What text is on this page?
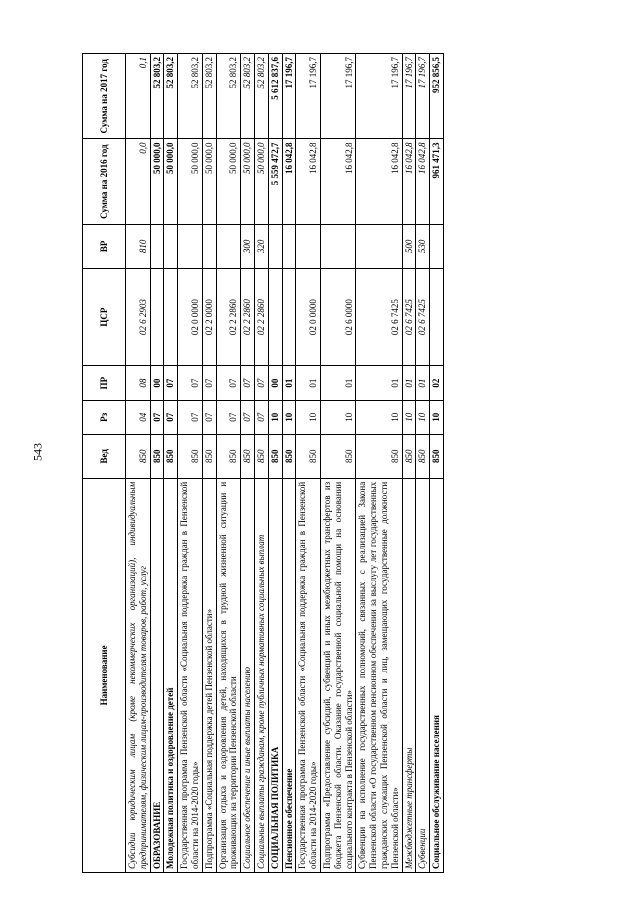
543
Наименование	Вед	Рз	ПР	ЦСР	ВР	Сумма на 2016 год	Сумма на 2017 год
Субсидии юридическим лицам (кроме некоммерческих организаций), индивидуальным предпринимателям, физическим лицам-производителям товаров, работ, услуг	850	04	08	02 6 2903	810	0,0	0,1
ОБРАЗОВАНИЕ	850	07	00			50 000,0	52 803,2
Молодежная политика и оздоровление детей	850	07	07			50 000,0	52 803,2
Государственная программа Пензенской области «Социальная поддержка граждан в Пензенской области на 2014-2020 годы»	850	07	07	02 0 0000		50 000,0	52 803,2
Подпрограмма «Социальная поддержка детей Пензенской области»	850	07	07	02 2 0000		50 000,0	52 803,2
Организация отдыха и оздоровления детей, находящихся в трудной жизненной ситуации и проживающих на территории Пензенской области	850	07	07	02 2 2860		50 000,0	52 803,2
Социальное обеспечение и иные выплаты населению	850	07	07	02 2 2860	300	50 000,0	52 803,2
Социальные выплаты гражданам, кроме публичных нормативных социальных выплат	850	07	07	02 2 2860	320	50 000,0	52 803,2
СОЦИАЛЬНАЯ ПОЛИТИКА	850	10	00			5 559 472,7	5 612 837,6
Пенсионное обеспечение	850	10	01			16 042,8	17 196,7
Государственная программа Пензенской области «Социальная поддержка граждан в Пензенской области на 2014-2020 годы»	850	10	01	02 0 0000		16 042,8	17 196,7
Подпрограмма «Предоставление субсидий, субвенций и иных межбюджетных трансфертов из бюджета Пензенской области. Оказание государственной социальной помощи на основании социального контракта в Пензенской области»	850	10	01	02 6 0000		16 042,8	17 196,7
Субвенции на исполнение государственных полномочий, связанных с реализацией Закона Пензенской области «О государственном пенсионном обеспечении за выслугу лет государственных гражданских служащих Пензенской области и лиц, замещающих государственные должности Пензенской области»	850	10	01	02 6 7425		16 042,8	17 196,7
Межбюджетные трансферты	850	10	01	02 6 7425	500	16 042,8	17 196,7
Субвенции	850	10	01	02 6 7425	530	16 042,8	17 196,7
Социальное обслуживание населения	850	10	02			961 471,3	952 856,5
